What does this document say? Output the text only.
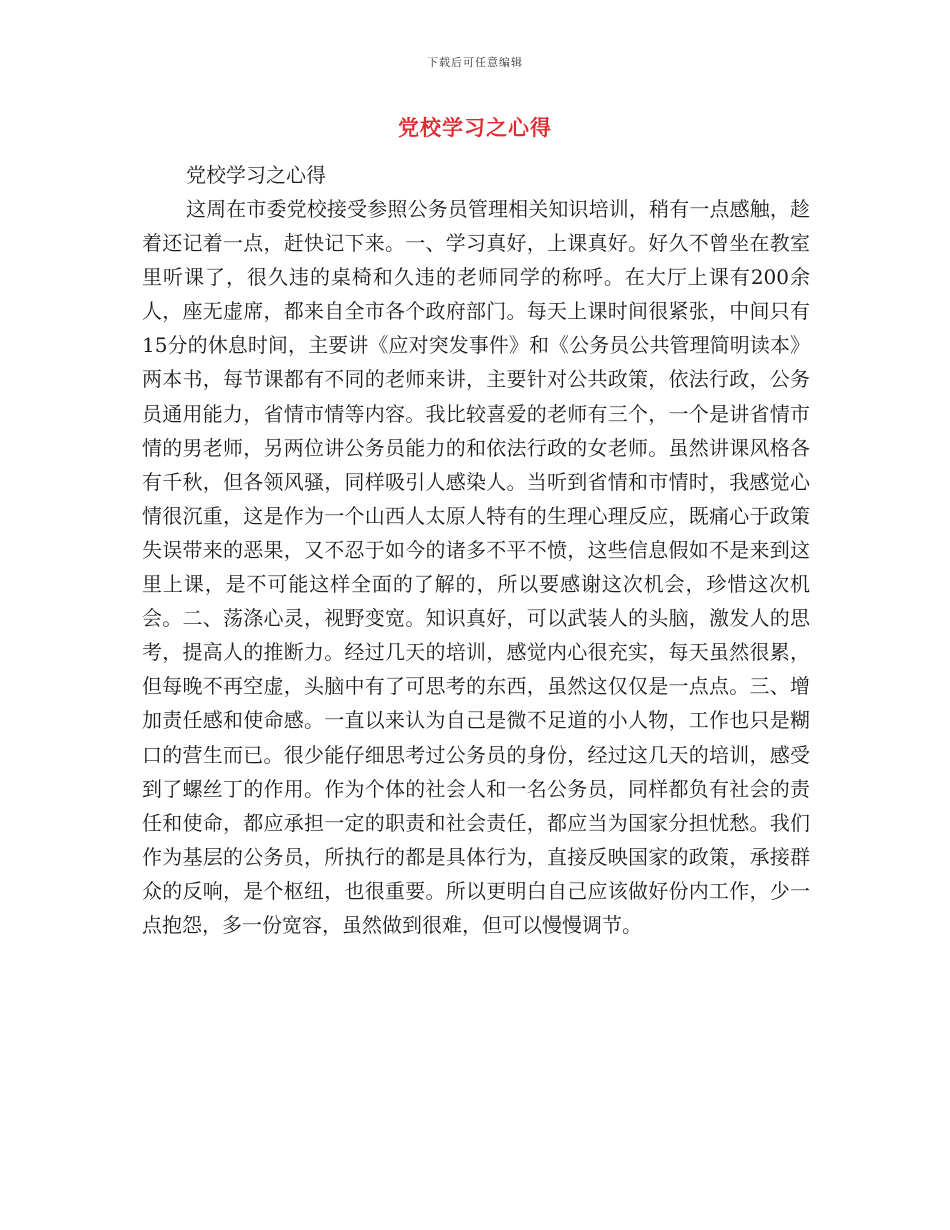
下载后可任意编辑
党校学习之心得

党校学习之心得

这周在市委党校接受参照公务员管理相关知识培训，稍有一点感触，趁着还记着一点，赶快记下来。一、学习真好，上课真好。好久不曾坐在教室里听课了，很久违的桌椅和久违的老师同学的称呼。在大厅上课有200余人，座无虚席，都来自全市各个政府部门。每天上课时间很紧张，中间只有15分的休息时间，主要讲《应对突发事件》和《公务员公共管理简明读本》两本书，每节课都有不同的老师来讲，主要针对公共政策，依法行政，公务员通用能力，省情市情等内容。我比较喜爱的老师有三个，一个是讲省情市情的男老师，另两位讲公务员能力的和依法行政的女老师。虽然讲课风格各有千秋，但各领风骚，同样吸引人感染人。当听到省情和市情时，我感觉心情很沉重，这是作为一个山西人太原人特有的生理心理反应，既痛心于政策失误带来的恶果，又不忍于如今的诸多不平不愤，这些信息假如不是来到这里上课，是不可能这样全面的了解的，所以要感谢这次机会，珍惜这次机会。二、荡涤心灵，视野变宽。知识真好，可以武装人的头脑，激发人的思考，提高人的推断力。经过几天的培训，感觉内心很充实，每天虽然很累，但每晚不再空虚，头脑中有了可思考的东西，虽然这仅仅是一点点。三、增加责任感和使命感。一直以来认为自己是微不足道的小人物，工作也只是糊口的营生而已。很少能仔细思考过公务员的身份，经过这几天的培训，感受到了螺丝丁的作用。作为个体的社会人和一名公务员，同样都负有社会的责任和使命，都应承担一定的职责和社会责任，都应当为国家分担忧愁。我们作为基层的公务员，所执行的都是具体行为，直接反映国家的政策，承接群众的反响，是个枢纽，也很重要。所以更明白自己应该做好份内工作，少一点抱怨，多一份宽容，虽然做到很难，但可以慢慢调节。
